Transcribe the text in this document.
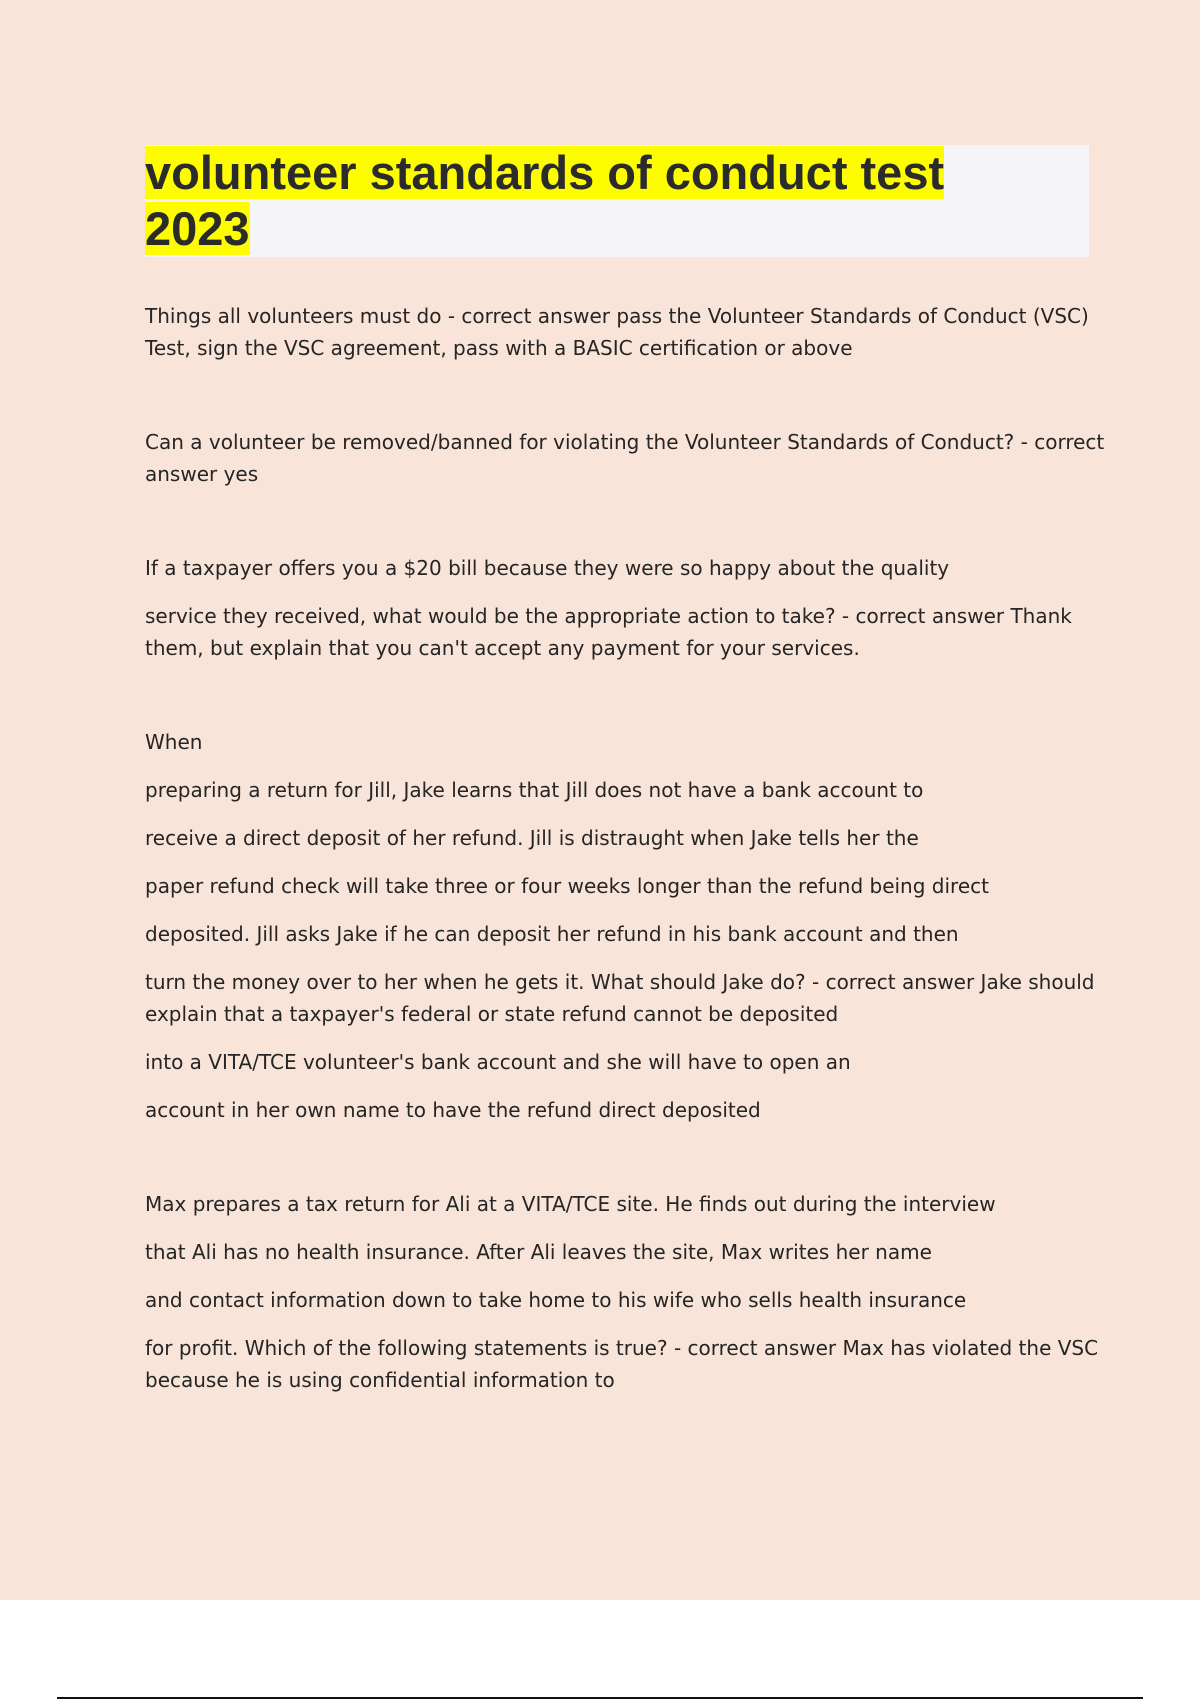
volunteer standards of conduct test 2023

Things all volunteers must do - correct answer pass the Volunteer Standards of Conduct (VSC)

Test, sign the VSC agreement, pass with a BASIC certification or above

Can a volunteer be removed/banned for violating the Volunteer Standards of Conduct? - correct

answer yes

If a taxpayer offers you a $20 bill because they were so happy about the quality

service they received, what would be the appropriate action to take? - correct answer Thank

them, but explain that you can't accept any payment for your services.

When

preparing a return for Jill, Jake learns that Jill does not have a bank account to

receive a direct deposit of her refund. Jill is distraught when Jake tells her the

paper refund check will take three or four weeks longer than the refund being direct

deposited. Jill asks Jake if he can deposit her refund in his bank account and then

turn the money over to her when he gets it. What should Jake do? - correct answer Jake should

explain that a taxpayer's federal or state refund cannot be deposited

into a VITA/TCE volunteer's bank account and she will have to open an

account in her own name to have the refund direct deposited

Max prepares a tax return for Ali at a VITA/TCE site. He finds out during the interview

that Ali has no health insurance. After Ali leaves the site, Max writes her name

and contact information down to take home to his wife who sells health insurance

for profit. Which of the following statements is true? - correct answer Max has violated the VSC

because he is using confidential information to
